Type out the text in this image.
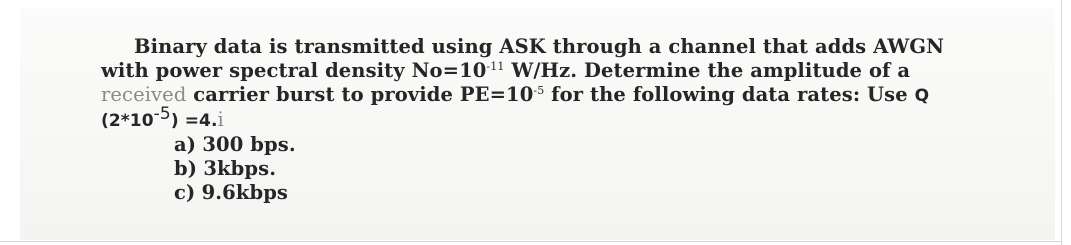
Binary data is transmitted using ASK through a channel that adds AWGN with power spectral density $No=10^{-11}$ W/Hz. Determine the amplitude of a received carrier burst to provide $PE=10^{-5}$ for the following data rates: Use Q $(2*10^{-5}) =4.i$

a) 300 bps.
b) 3kbps.
c) 9.6kbps
